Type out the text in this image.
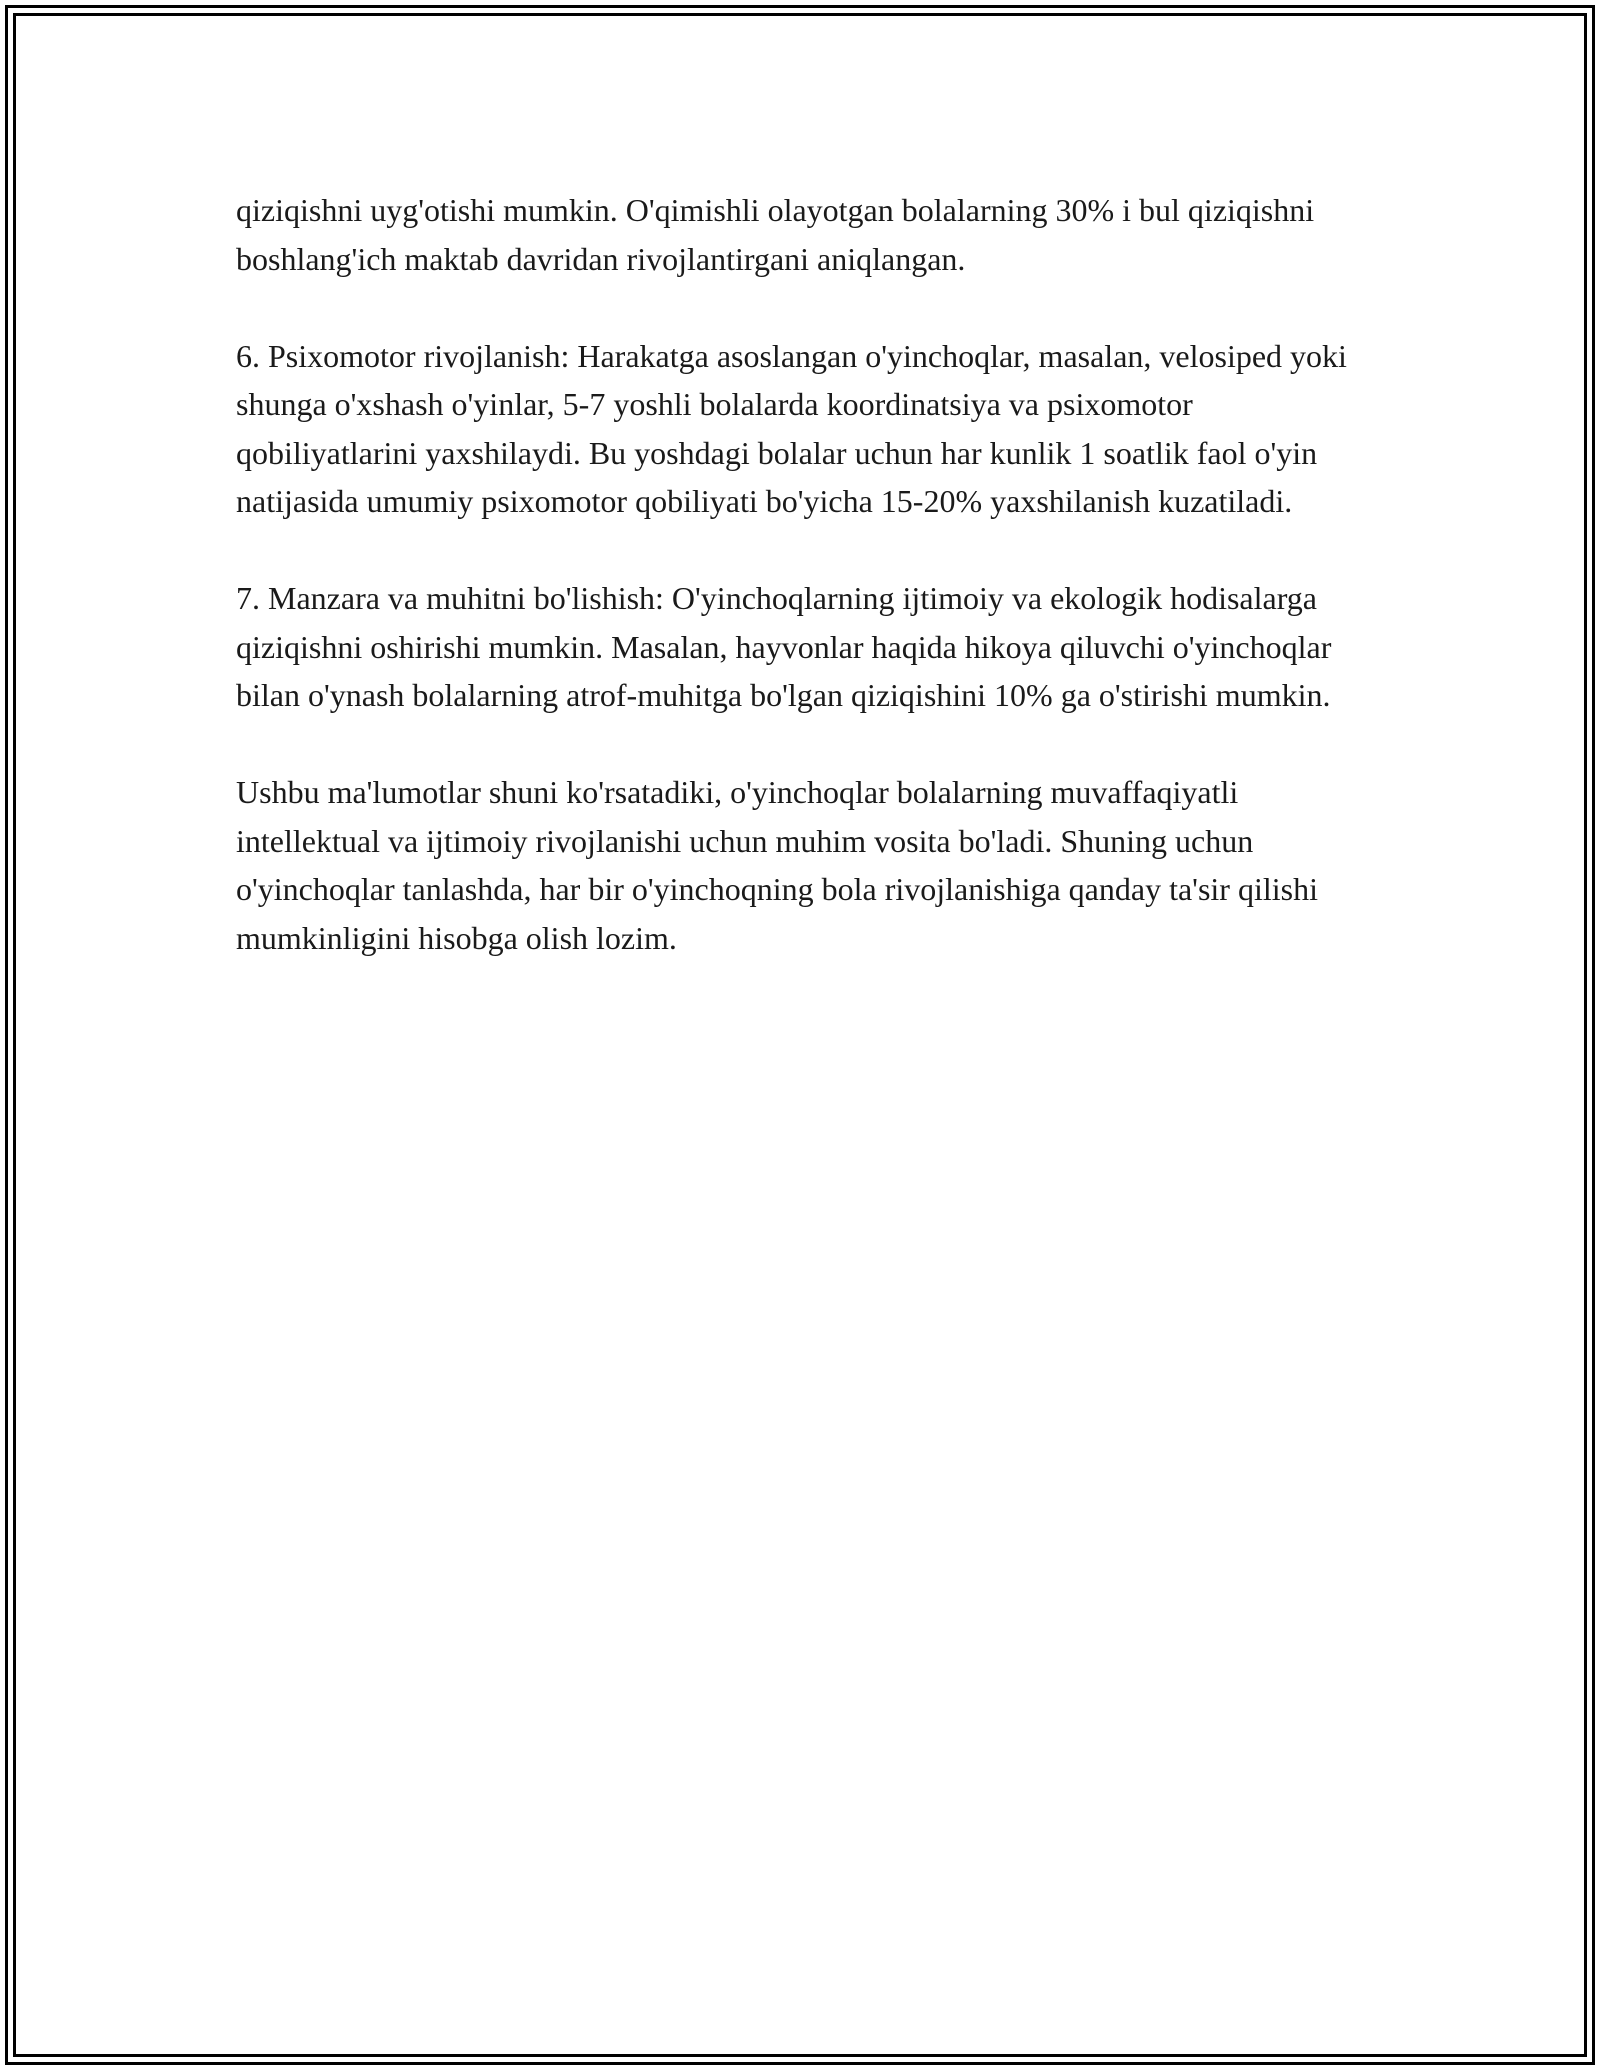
qiziqishni uyg'otishi mumkin. O'qimishli olayotgan bolalarning 30% i bul qiziqishni boshlang'ich maktab davridan rivojlantirgani aniqlangan.

6. Psixomotor rivojlanish: Harakatga asoslangan o'yinchoqlar, masalan, velosiped yoki shunga o'xshash o'yinlar, 5-7 yoshli bolalarda koordinatsiya va psixomotor qobiliyatlarini yaxshilaydi. Bu yoshdagi bolalar uchun har kunlik 1 soatlik faol o'yin natijasida umumiy psixomotor qobiliyati bo'yicha 15-20% yaxshilanish kuzatiladi.

7. Manzara va muhitni bo'lishish: O'yinchoqlarning ijtimoiy va ekologik hodisalarga qiziqishni oshirishi mumkin. Masalan, hayvonlar haqida hikoya qiluvchi o'yinchoqlar bilan o'ynash bolalarning atrof-muhitga bo'lgan qiziqishini 10% ga o'stirishi mumkin.

Ushbu ma'lumotlar shuni ko'rsatadiki, o'yinchoqlar bolalarning muvaffaqiyatli intellektual va ijtimoiy rivojlanishi uchun muhim vosita bo'ladi. Shuning uchun o'yinchoqlar tanlashda, har bir o'yinchoqning bola rivojlanishiga qanday ta'sir qilishi mumkinligini hisobga olish lozim.
